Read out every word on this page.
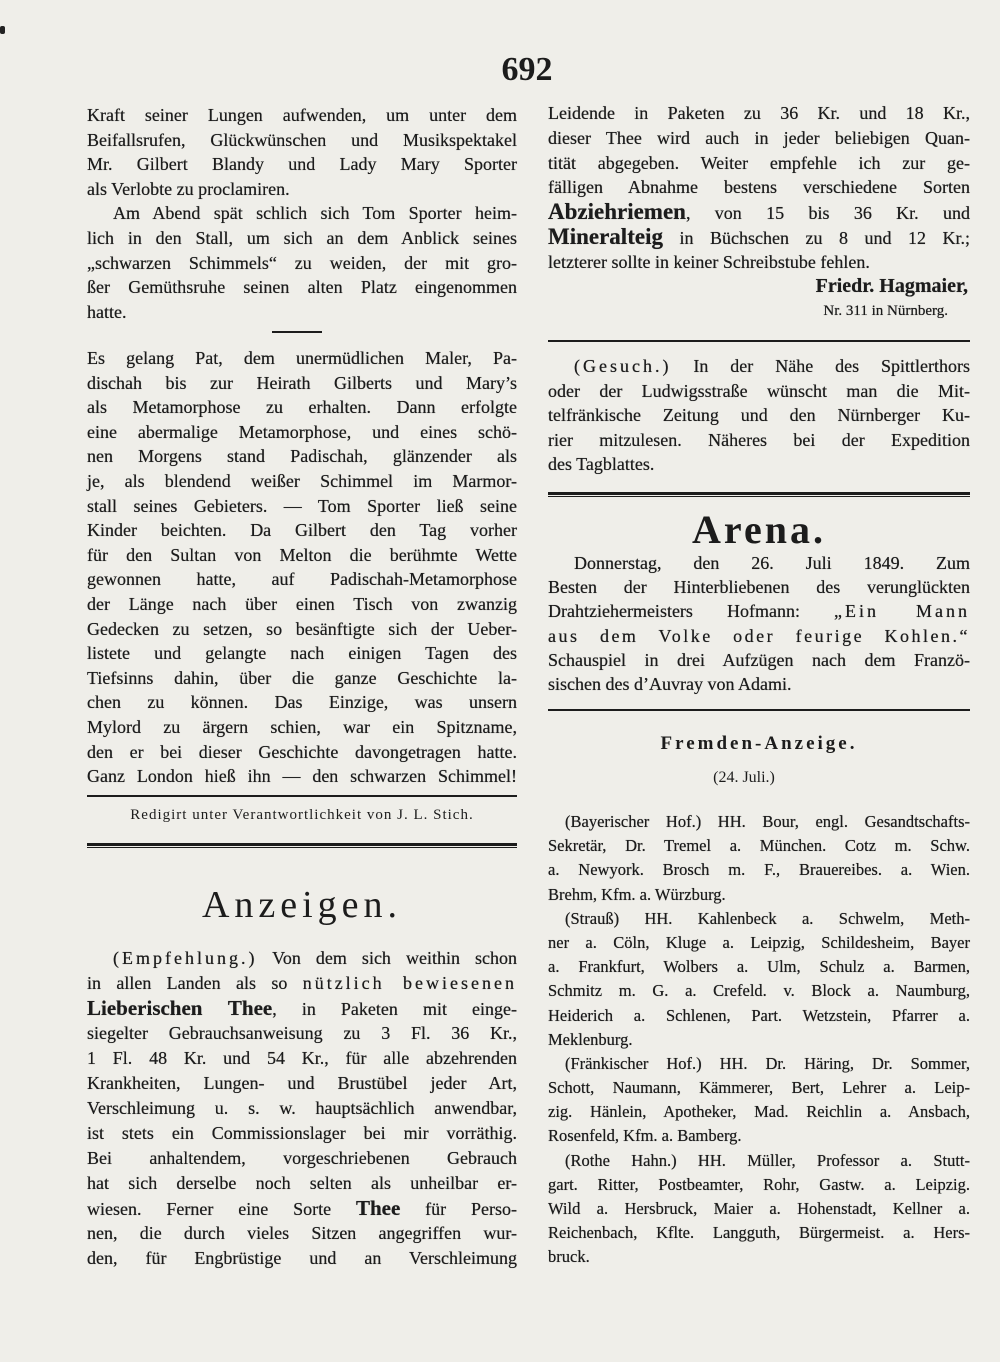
692
Kraft seiner Lungen aufwenden, um unter dem
Beifallsrufen, Glückwünschen und Musikspektakel
Mr. Gilbert Blandy und Lady Mary Sporter
als Verlobte zu proclamiren.
Am Abend spät schlich sich Tom Sporter heim-
lich in den Stall, um sich an dem Anblick seines
„schwarzen Schimmels“ zu weiden, der mit gro-
ßer Gemüthsruhe seinen alten Platz eingenommen
hatte.
Es gelang Pat, dem unermüdlichen Maler, Pa-
dischah bis zur Heirath Gilberts und Mary’s
als Metamorphose zu erhalten. Dann erfolgte
eine abermalige Metamorphose, und eines schö-
nen Morgens stand Padischah, glänzender als
je, als blendend weißer Schimmel im Marmor-
stall seines Gebieters. — Tom Sporter ließ seine
Kinder beichten. Da Gilbert den Tag vorher
für den Sultan von Melton die berühmte Wette
gewonnen hatte, auf Padischah-Metamorphose
der Länge nach über einen Tisch von zwanzig
Gedecken zu setzen, so besänftigte sich der Ueber-
listete und gelangte nach einigen Tagen des
Tiefsinns dahin, über die ganze Geschichte la-
chen zu können. Das Einzige, was unsern
Mylord zu ärgern schien, war ein Spitzname,
den er bei dieser Geschichte davongetragen hatte.
Ganz London hieß ihn — den schwarzen Schimmel!
Redigirt unter Verantwortlichkeit von J. L. Stich.
Anzeigen.
(Empfehlung.) Von dem sich weithin schon
in allen Landen als so nützlich bewiesenen
Lieberischen Thee, in Paketen mit einge-
siegelter Gebrauchsanweisung zu 3 Fl. 36 Kr.,
1 Fl. 48 Kr. und 54 Kr., für alle abzehrenden
Krankheiten, Lungen- und Brustübel jeder Art,
Verschleimung u. s. w. hauptsächlich anwendbar,
ist stets ein Commissionslager bei mir vorräthig.
Bei anhaltendem, vorgeschriebenen Gebrauch
hat sich derselbe noch selten als unheilbar er-
wiesen. Ferner eine Sorte Thee für Perso-
nen, die durch vieles Sitzen angegriffen wur-
den, für Engbrüstige und an Verschleimung
Leidende in Paketen zu 36 Kr. und 18 Kr.,
dieser Thee wird auch in jeder beliebigen Quan-
tität abgegeben. Weiter empfehle ich zur ge-
fälligen Abnahme bestens verschiedene Sorten
Abziehriemen, von 15 bis 36 Kr. und
Mineralteig in Büchschen zu 8 und 12 Kr.;
letzterer sollte in keiner Schreibstube fehlen.
Friedr. Hagmaier,
Nr. 311 in Nürnberg.
(Gesuch.) In der Nähe des Spittlerthors
oder der Ludwigsstraße wünscht man die Mit-
telfränkische Zeitung und den Nürnberger Ku-
rier mitzulesen. Näheres bei der Expedition
des Tagblattes.
Arena.
Donnerstag, den 26. Juli 1849. Zum
Besten der Hinterbliebenen des verunglückten
Drahtziehermeisters Hofmann: „Ein Mann
aus dem Volke oder feurige Kohlen.“
Schauspiel in drei Aufzügen nach dem Franzö-
sischen des d’Auvray von Adami.
Fremden-Anzeige.
(24. Juli.)
(Bayerischer Hof.) HH. Bour, engl. Gesandtschafts-
Sekretär, Dr. Tremel a. München. Cotz m. Schw.
a. Newyork. Brosch m. F., Brauereibes. a. Wien.
Brehm, Kfm. a. Würzburg.
(Strauß) HH. Kahlenbeck a. Schwelm, Meth-
ner a. Cöln, Kluge a. Leipzig, Schildesheim, Bayer
a. Frankfurt, Wolbers a. Ulm, Schulz a. Barmen,
Schmitz m. G. a. Crefeld. v. Block a. Naumburg,
Heiderich a. Schlenen, Part. Wetzstein, Pfarrer a.
Meklenburg.
(Fränkischer Hof.) HH. Dr. Häring, Dr. Sommer,
Schott, Naumann, Kämmerer, Bert, Lehrer a. Leip-
zig. Hänlein, Apotheker, Mad. Reichlin a. Ansbach,
Rosenfeld, Kfm. a. Bamberg.
(Rothe Hahn.) HH. Müller, Professor a. Stutt-
gart. Ritter, Postbeamter, Rohr, Gastw. a. Leipzig.
Wild a. Hersbruck, Maier a. Hohenstadt, Kellner a.
Reichenbach, Kflte. Langguth, Bürgermeist. a. Hers-
bruck.
